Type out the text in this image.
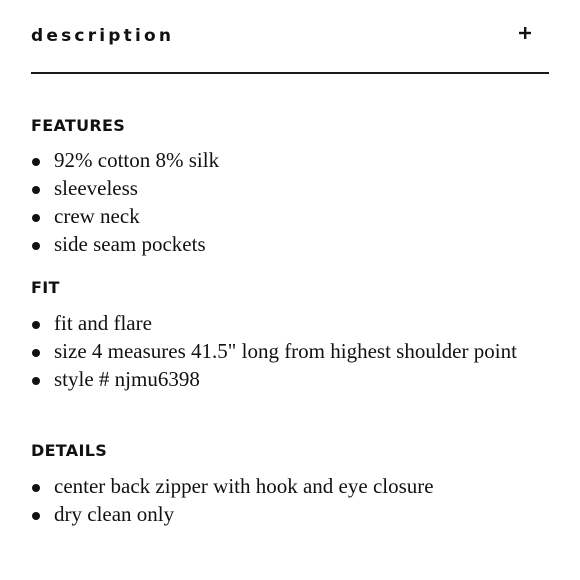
description
FEATURES
92% cotton 8% silk
sleeveless
crew neck
side seam pockets
FIT
fit and flare
size 4 measures 41.5" long from highest shoulder point
style # njmu6398
DETAILS
center back zipper with hook and eye closure
dry clean only
